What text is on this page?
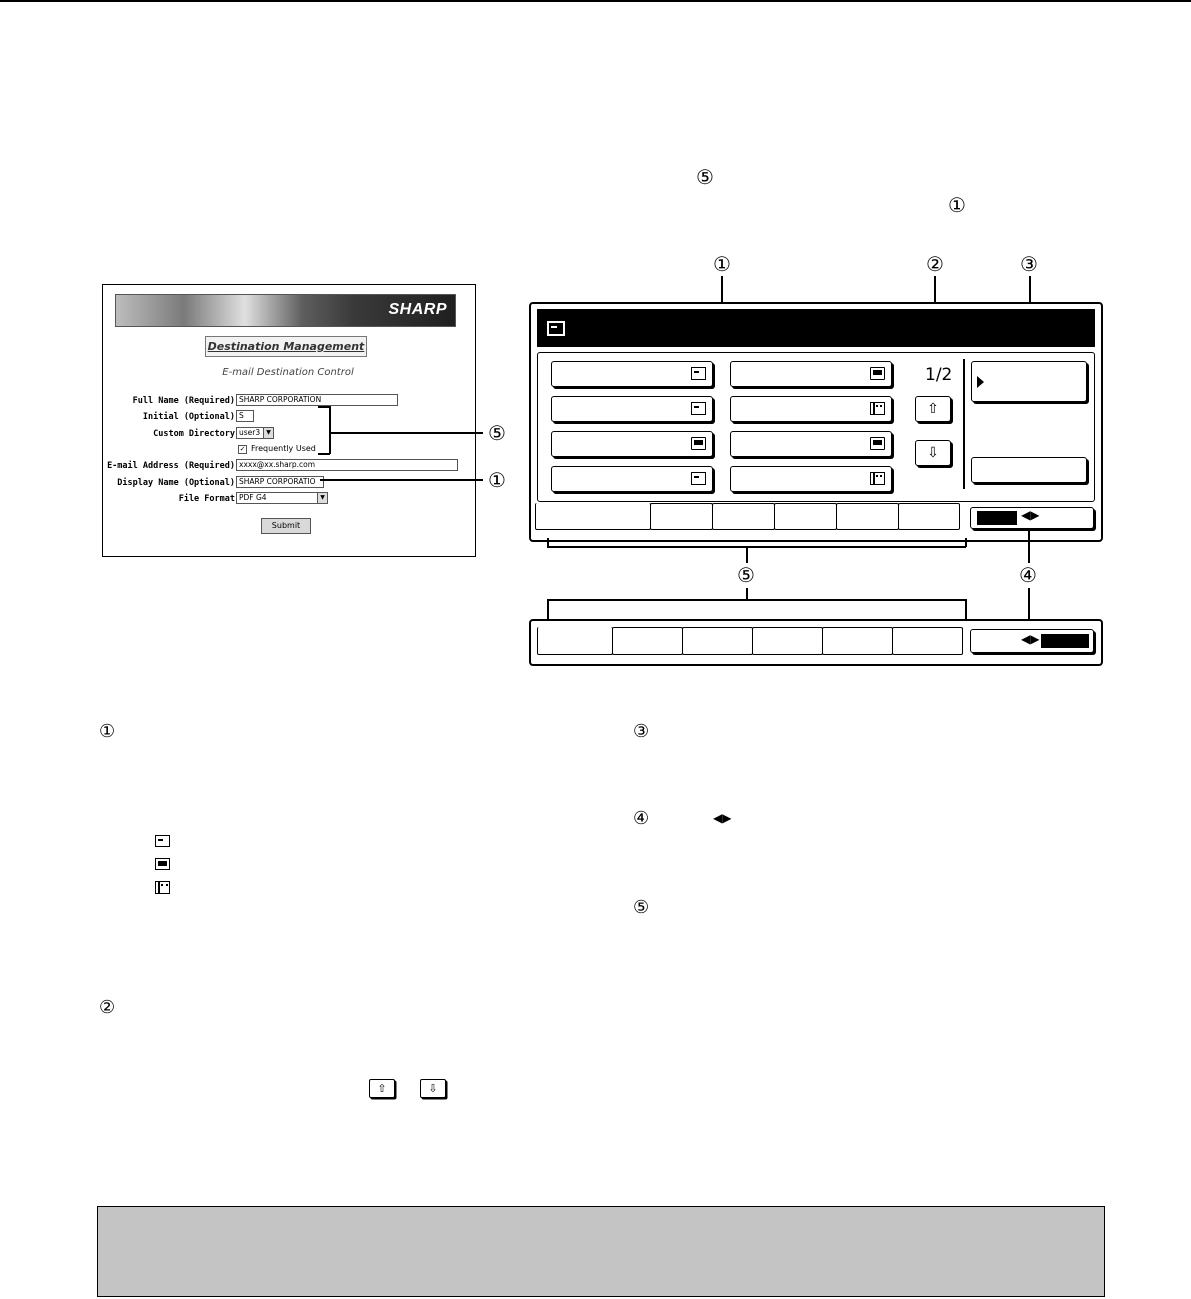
⑤
①
SHARP
Destination Management
E-mail Destination Control
Full Name (Required) SHARP CORPORATION
Initial (Optional) S
Custom Directory user3	▼
✓ Frequently Used
E-mail Address (Required) xxxx@xx.sharp.com
Display Name (Optional) SHARP CORPORATIO
File Format PDF G4	▼
Submit
⑤
①
①	②	③
1/2
⇧
⇩
◀▶
⑤	④
◀▶
①
②
③
④
⑤
◀▶
⇧	⇩
